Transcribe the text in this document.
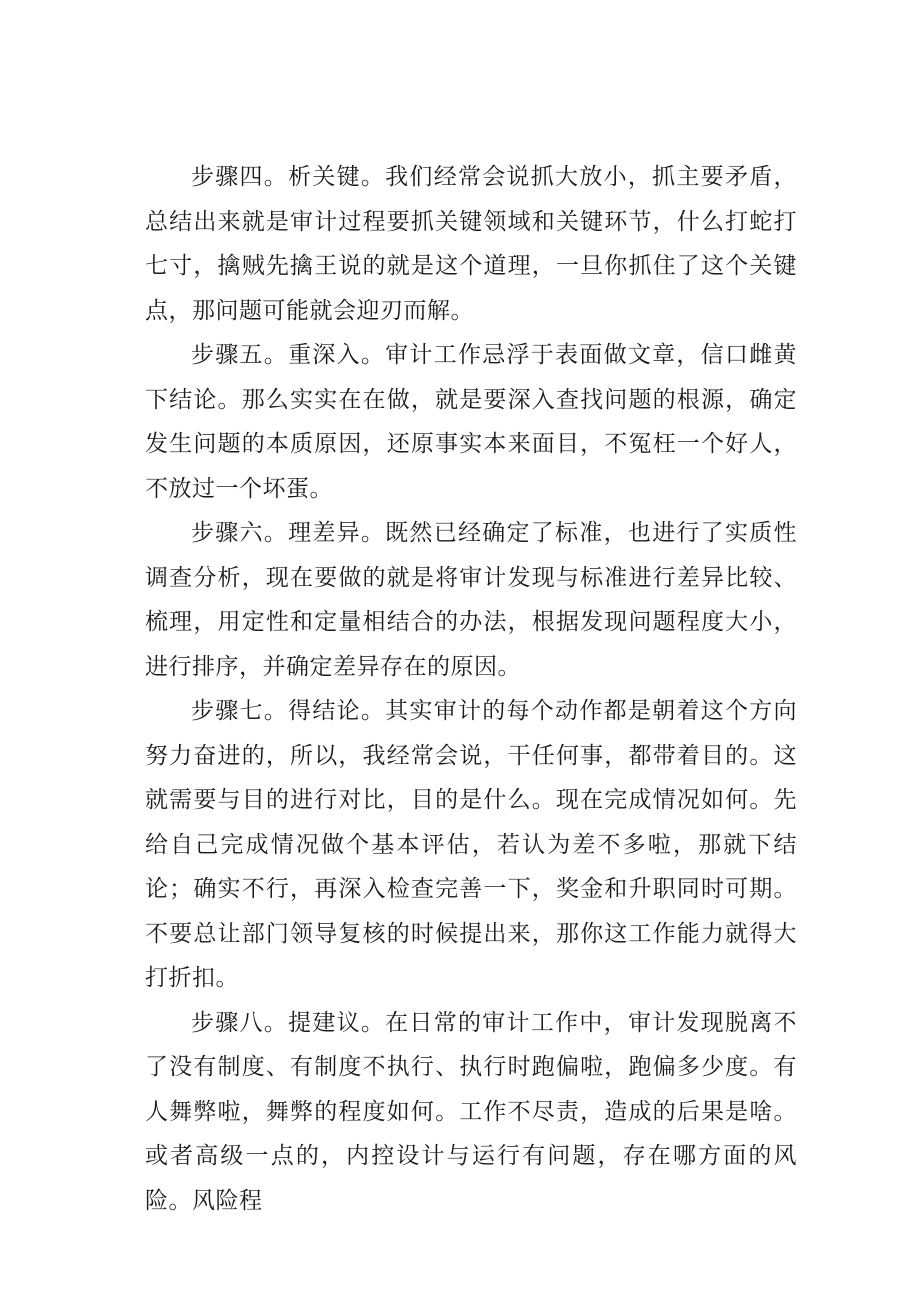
步骤四。析关键。我们经常会说抓大放小，抓主要矛盾，总结出来就是审计过程要抓关键领域和关键环节，什么打蛇打七寸，擒贼先擒王说的就是这个道理，一旦你抓住了这个关键点，那问题可能就会迎刃而解。

步骤五。重深入。审计工作忌浮于表面做文章，信口雌黄下结论。那么实实在在做，就是要深入查找问题的根源，确定发生问题的本质原因，还原事实本来面目，不冤枉一个好人，不放过一个坏蛋。

步骤六。理差异。既然已经确定了标准，也进行了实质性调查分析，现在要做的就是将审计发现与标准进行差异比较、梳理，用定性和定量相结合的办法，根据发现问题程度大小，进行排序，并确定差异存在的原因。

步骤七。得结论。其实审计的每个动作都是朝着这个方向努力奋进的，所以，我经常会说，干任何事，都带着目的。这就需要与目的进行对比，目的是什么。现在完成情况如何。先给自己完成情况做个基本评估，若认为差不多啦，那就下结论；确实不行，再深入检查完善一下，奖金和升职同时可期。不要总让部门领导复核的时候提出来，那你这工作能力就得大打折扣。

步骤八。提建议。在日常的审计工作中，审计发现脱离不了没有制度、有制度不执行、执行时跑偏啦，跑偏多少度。有人舞弊啦，舞弊的程度如何。工作不尽责，造成的后果是啥。或者高级一点的，内控设计与运行有问题，存在哪方面的风险。风险程
